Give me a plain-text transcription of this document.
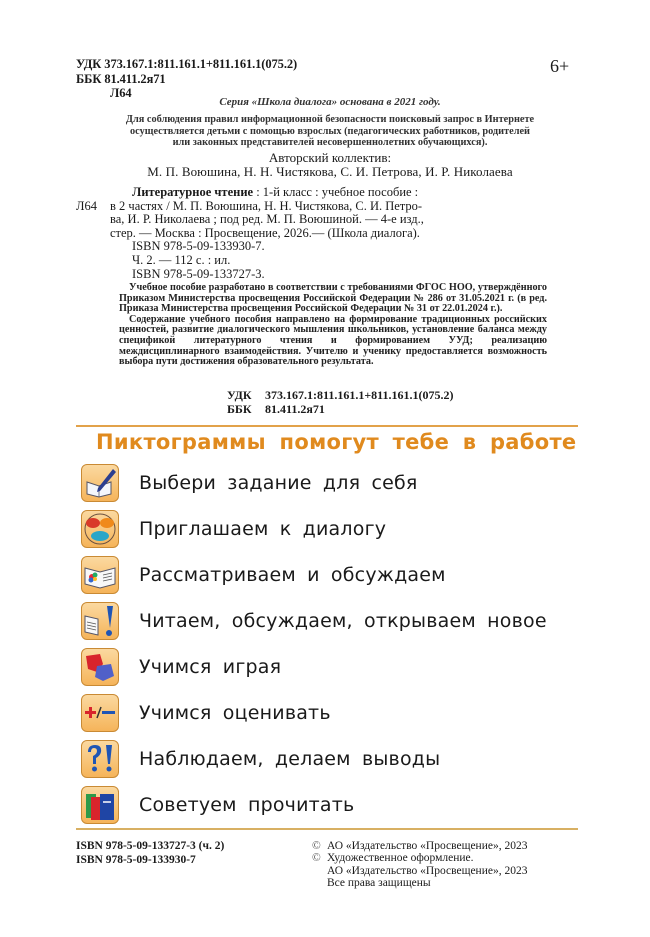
УДК 373.167.1:811.161.1+811.161.1(075.2)
ББК 81.411.2я71
Л64
6+
Серия «Школа диалога» основана в 2021 году.
Для соблюдения правил информационной безопасности поисковый запрос в Интернете
осуществляется детьми с помощью взрослых (педагогических работников, родителей
или законных представителей несовершеннолетних обучающихся).
Авторский коллектив:
М. П. Воюшина, Н. Н. Чистякова, С. И. Петрова, И. Р. Николаева
Литературное чтение : 1-й класс : учебное пособие :
Л64	в 2 частях / М. П. Воюшина, Н. Н. Чистякова, С. И. Петро-
ва, И. Р. Николаева ; под ред. М. П. Воюшиной. — 4-е изд.,
стер. — Москва : Просвещение, 2026.— (Школа диалога).
ISBN 978-5-09-133930-7.
Ч. 2. — 112 с. : ил.
ISBN 978-5-09-133727-3.

Учебное пособие разработано в соответствии с требованиями ФГОС НОО, утверждённого Приказом Министерства просвещения Российской Федерации № 286 от 31.05.2021 г. (в ред. Приказа Министерства просвещения Российской Федерации № 31 от 22.01.2024 г.).

Содержание учебного пособия направлено на формирование традиционных российских ценностей, развитие диалогического мышления школьников, установление баланса между спецификой литературного чтения и формированием УУД; реализацию междисциплинарного взаимодействия. Учителю и ученику предоставляется возможность выбора пути достижения образовательного результата.

УДК 373.167.1:811.161.1+811.161.1(075.2)
ББК 81.411.2я71
Пиктограммы помогут тебе в работе
Выбери задание для себя
Приглашаем к диалогу
Рассматриваем и обсуждаем
Читаем, обсуждаем, открываем новое
Учимся играя
Учимся оценивать
Наблюдаем, делаем выводы
Советуем прочитать
ISBN 978-5-09-133727-3 (ч. 2)
ISBN 978-5-09-133930-7
© АО «Издательство «Просвещение», 2023
© Художественное оформление.
АО «Издательство «Просвещение», 2023
Все права защищены
